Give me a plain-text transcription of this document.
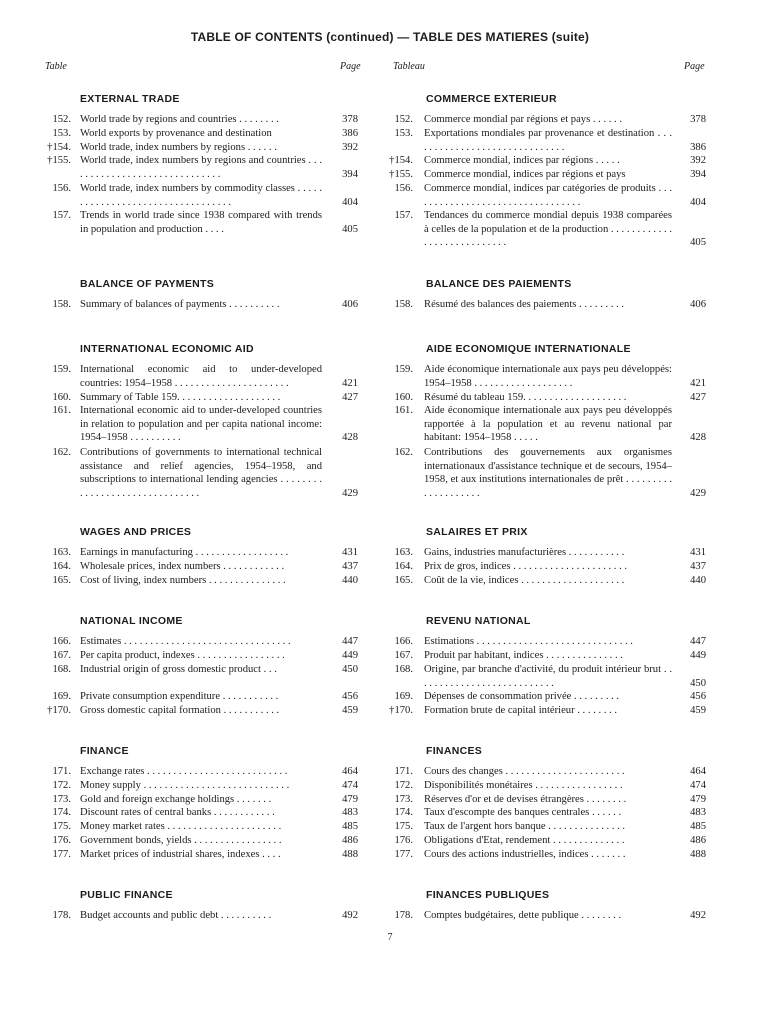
TABLE OF CONTENTS (continued) — TABLE DES MATIERES (suite)
Table	Page	Tableau	Page
EXTERNAL TRADE
152. World trade by regions and countries . . . . . . . .	378
153. World exports by provenance and destination	386
†154. World trade, index numbers by regions . . . . . .	392
†155. World trade, index numbers by regions and countries . . . . . . . . . . . . . . . . . . . . . . . . . . . . . .	394
156. World trade, index numbers by commodity classes . . . . . . . . . . . . . . . . . . . . . . . . . . . . . . . . . .	404
157. Trends in world trade since 1938 compared with trends in population and production . . . .	405
BALANCE OF PAYMENTS
158. Summary of balances of payments . . . . . . . . . .	406
INTERNATIONAL ECONOMIC AID
159. International economic aid to under-developed countries: 1954–1958 . . . . . . . . . . . . . . . . . . . . . .	421
160. Summary of Table 159. . . . . . . . . . . . . . . . . . . .	427
161. International economic aid to under-developed countries in relation to population and per capita national income: 1954–1958 . . . . . . . . . .	428
162. Contributions of governments to international technical assistance and relief agencies, 1954–1958, and subscriptions to international lending agencies . . . . . . . . . . . . . . . . . . . . . . . . . . . . . . .	429
WAGES AND PRICES
163. Earnings in manufacturing . . . . . . . . . . . . . . . . . .	431
164. Wholesale prices, index numbers . . . . . . . . . . . .	437
165. Cost of living, index numbers . . . . . . . . . . . . . . .	440
NATIONAL INCOME
166. Estimates . . . . . . . . . . . . . . . . . . . . . . . . . . . . . . . .	447
167. Per capita product, indexes . . . . . . . . . . . . . . . . .	449
168. Industrial origin of gross domestic product . . .	450
169. Private consumption expenditure . . . . . . . . . . .	456
†170. Gross domestic capital formation . . . . . . . . . . .	459
FINANCE
171. Exchange rates . . . . . . . . . . . . . . . . . . . . . . . . . . .	464
172. Money supply . . . . . . . . . . . . . . . . . . . . . . . . . . . .	474
173. Gold and foreign exchange holdings . . . . . . .	479
174. Discount rates of central banks . . . . . . . . . . . .	483
175. Money market rates . . . . . . . . . . . . . . . . . . . . . .	485
176. Government bonds, yields . . . . . . . . . . . . . . . . .	486
177. Market prices of industrial shares, indexes . . . .	488
PUBLIC FINANCE
178. Budget accounts and public debt . . . . . . . . . .	492
COMMERCE EXTERIEUR
152. Commerce mondial par régions et pays . . . . . .	378
153. Exportations mondiales par provenance et destination . . . . . . . . . . . . . . . . . . . . . . . . . . . . . .	386
†154. Commerce mondial, indices par régions . . . . .	392
†155. Commerce mondial, indices par régions et pays	394
156. Commerce mondial, indices par catégories de produits . . . . . . . . . . . . . . . . . . . . . . . . . . . . . . . . .	404
157. Tendances du commerce mondial depuis 1938 comparées à celles de la population et de la production . . . . . . . . . . . . . . . . . . . . . . . . . . . .	405
BALANCE DES PAIEMENTS
158. Résumé des balances des paiements . . . . . . . . .	406
AIDE ECONOMIQUE INTERNATIONALE
159. Aide économique internationale aux pays peu développés: 1954–1958 . . . . . . . . . . . . . . . . . . .	421
160. Résumé du tableau 159. . . . . . . . . . . . . . . . . . . .	427
161. Aide économique internationale aux pays peu développés rapportée à la population et au revenu national par habitant: 1954–1958 . . . . .	428
162. Contributions des gouvernements aux organismes internationaux d'assistance technique et de secours, 1954–1958, et aux institutions internationales de prêt . . . . . . . . . . . . . . . . . . . .	429
SALAIRES ET PRIX
163. Gains, industries manufacturières . . . . . . . . . . .	431
164. Prix de gros, indices . . . . . . . . . . . . . . . . . . . . . .	437
165. Coût de la vie, indices . . . . . . . . . . . . . . . . . . . .	440
REVENU NATIONAL
166. Estimations . . . . . . . . . . . . . . . . . . . . . . . . . . . . . .	447
167. Produit par habitant, indices . . . . . . . . . . . . . . .	449
168. Origine, par branche d'activité, du produit intérieur brut . . . . . . . . . . . . . . . . . . . . . . . . . . .	450
169. Dépenses de consommation privée . . . . . . . . .	456
†170. Formation brute de capital intérieur . . . . . . . .	459
FINANCES
171. Cours des changes . . . . . . . . . . . . . . . . . . . . . . .	464
172. Disponibilités monétaires . . . . . . . . . . . . . . . . .	474
173. Réserves d'or et de devises étrangères . . . . . . . .	479
174. Taux d'escompte des banques centrales . . . . . .	483
175. Taux de l'argent hors banque . . . . . . . . . . . . . . .	485
176. Obligations d'Etat, rendement . . . . . . . . . . . . . .	486
177. Cours des actions industrielles, indices . . . . . . .	488
FINANCES PUBLIQUES
178. Comptes budgétaires, dette publique . . . . . . . .	492
7
